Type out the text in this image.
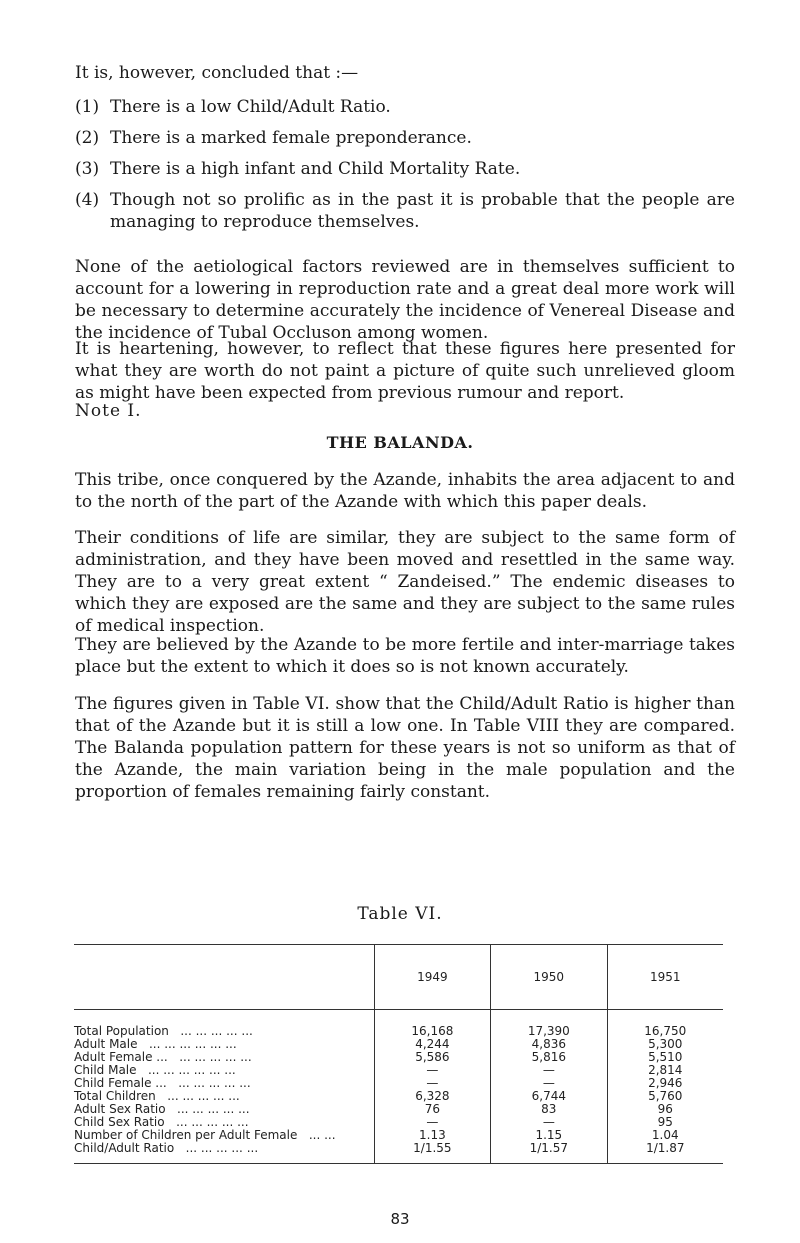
It is, however, concluded that :—

(1) There is a low Child/Adult Ratio.
(2) There is a marked female preponderance.
(3) There is a high infant and Child Mortality Rate.
(4) Though not so prolific as in the past it is probable that the people are managing to reproduce themselves.

None of the aetiological factors reviewed are in themselves sufficient to account for a lowering in reproduction rate and a great deal more work will be necessary to determine accurately the incidence of Venereal Disease and the incidence of Tubal Occluson among women.

It is heartening, however, to reflect that these figures here presented for what they are worth do not paint a picture of quite such unrelieved gloom as might have been expected from previous rumour and report.

Note I.

THE BALANDA.

This tribe, once conquered by the Azande, inhabits the area adjacent to and to the north of the part of the Azande with which this paper deals.

Their conditions of life are similar, they are subject to the same form of administration, and they have been moved and resettled in the same way. They are to a very great extent “ Zandeised.” The endemic diseases to which they are exposed are the same and they are subject to the same rules of medical inspection.

They are believed by the Azande to be more fertile and inter-marriage takes place but the extent to which it does so is not known accurately.

The figures given in Table VI. show that the Child/Adult Ratio is higher than that of the Azande but it is still a low one. In Table VIII they are compared. The Balanda population pattern for these years is not so uniform as that of the Azande, the main variation being in the male population and the proportion of females remaining fairly constant.

Table VI.

	1949	1950	1951
Total Population ... ... ... ... ...	16,168	17,390	16,750
Adult Male ... ... ... ... ... ...	4,244	4,836	5,300
Adult Female ... ... ... ... ... ...	5,586	5,816	5,510
Child Male ... ... ... ... ... ...	—	—	2,814
Child Female ... ... ... ... ... ...	—	—	2,946
Total Children ... ... ... ... ...	6,328	6,744	5,760
Adult Sex Ratio ... ... ... ... ...	76	83	96
Child Sex Ratio ... ... ... ... ...	—	—	95
Number of Children per Adult Female ... ...	1.13	1.15	1.04
Child/Adult Ratio ... ... ... ... ...	1/1.55	1/1.57	1/1.87

83
